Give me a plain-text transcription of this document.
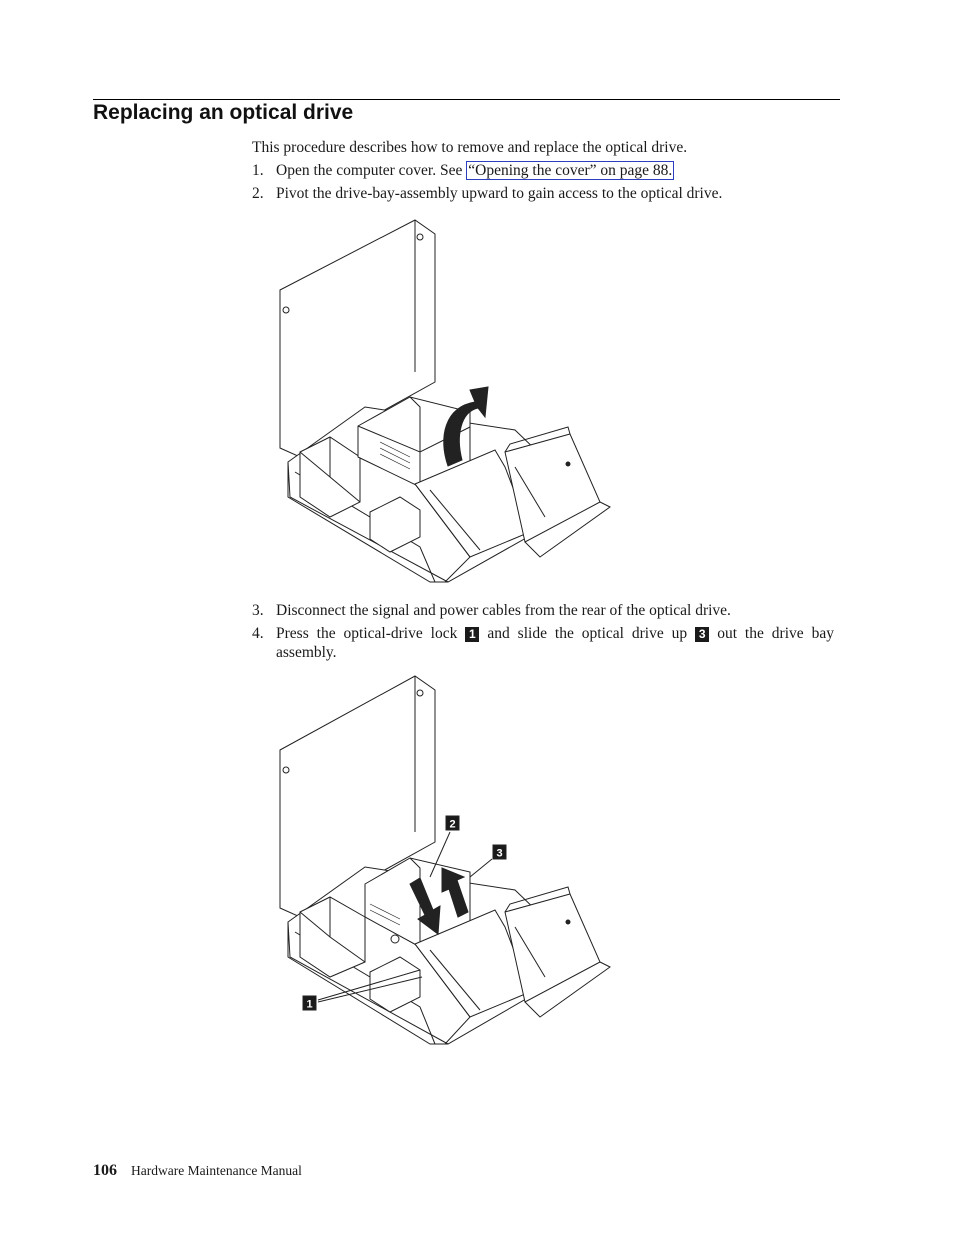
Replacing an optical drive

This procedure describes how to remove and replace the optical drive.

1. Open the computer cover. See “Opening the cover” on page 88.
2. Pivot the drive-bay-assembly upward to gain access to the optical drive.
3. Disconnect the signal and power cables from the rear of the optical drive.
4. Press the optical-drive lock 1 and slide the optical drive up 3 out the drive bay assembly.
2
3
1
106 Hardware Maintenance Manual
